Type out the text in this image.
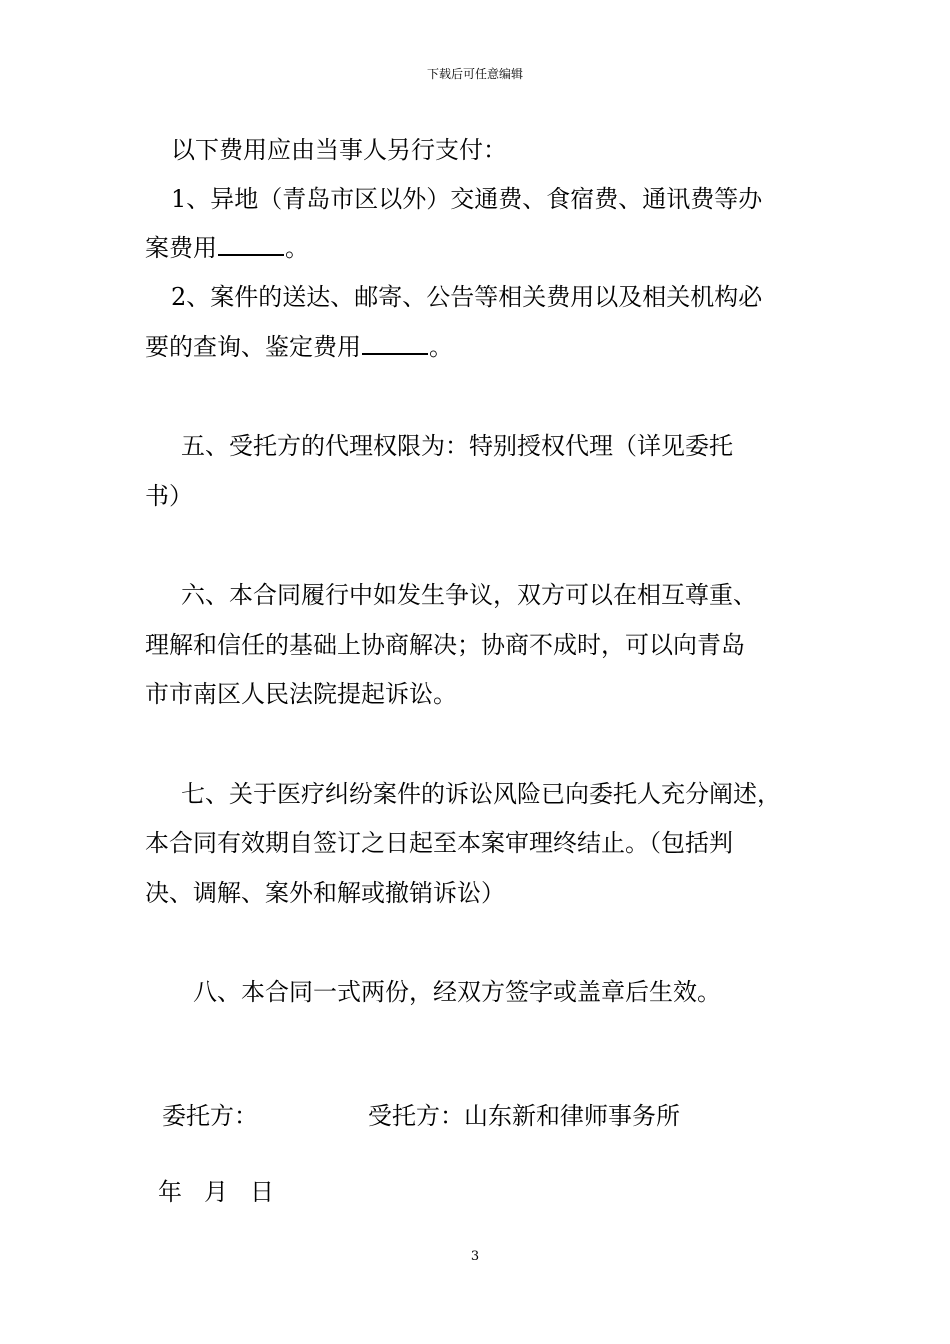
下载后可任意编辑
以下费用应由当事人另行支付：
1、异地（青岛市区以外）交通费、食宿费、通讯费等办
案费用	。
2、案件的送达、邮寄、公告等相关费用以及相关机构必
要的查询、鉴定费用	。
五、受托方的代理权限为：特别授权代理（详见委托
书）
六、本合同履行中如发生争议，双方可以在相互尊重、
理解和信任的基础上协商解决；协商不成时，可以向青岛
市市南区人民法院提起诉讼。
七、关于医疗纠纷案件的诉讼风险已向委托人充分阐述，
本合同有效期自签订之日起至本案审理终结止。（包括判
决、调解、案外和解或撤销诉讼）
八、本合同一式两份，经双方签字或盖章后生效。
委托方：	受托方：山东新和律师事务所
年 月 日
3
